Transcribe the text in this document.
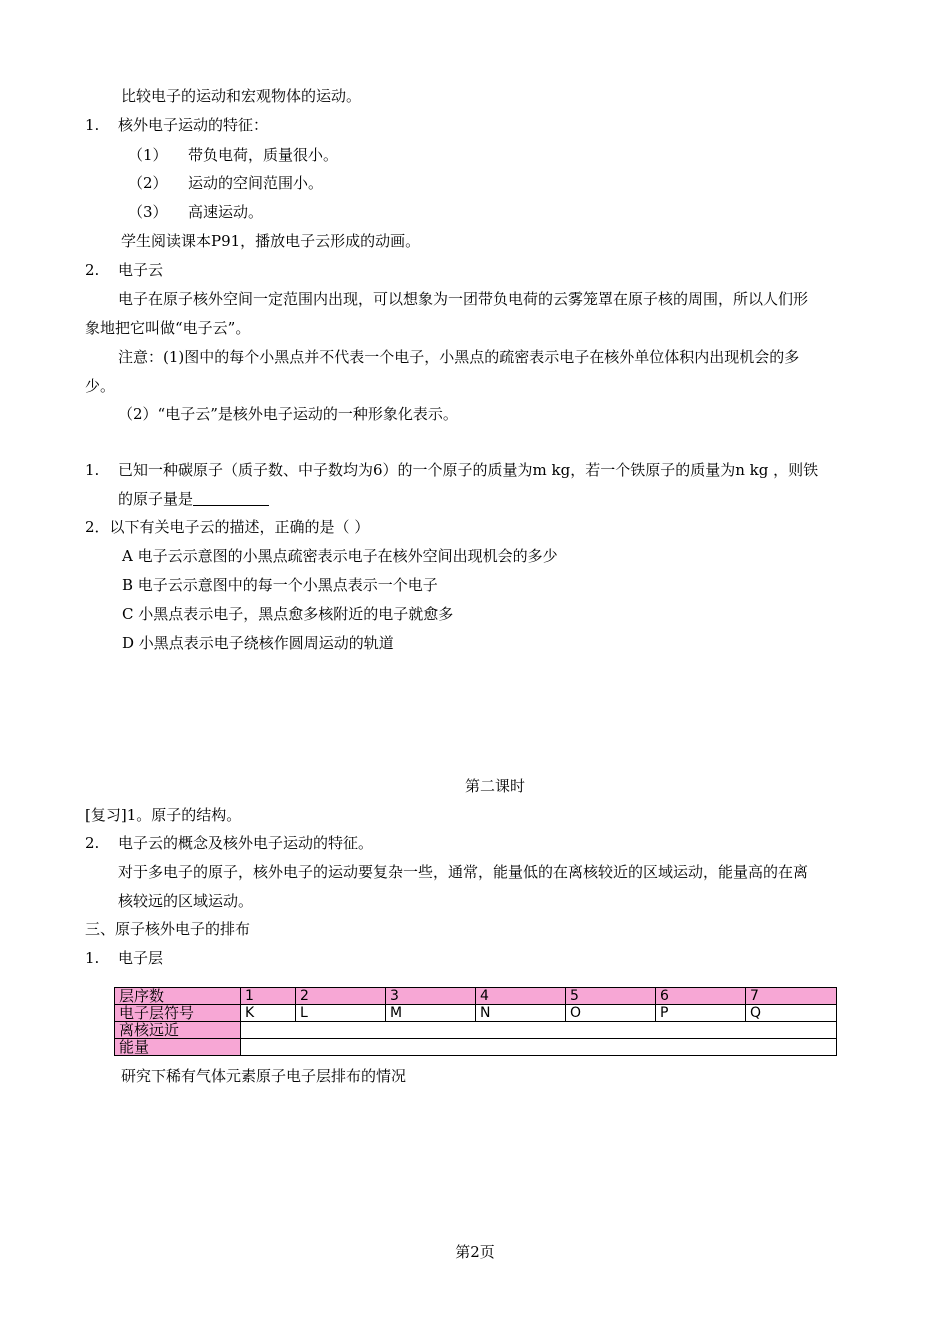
比较电子的运动和宏观物体的运动。
1. 核外电子运动的特征：
（1） 带负电荷，质量很小。
（2） 运动的空间范围小。
（3） 高速运动。
学生阅读课本P91，播放电子云形成的动画。
2. 电子云
电子在原子核外空间一定范围内出现，可以想象为一团带负电荷的云雾笼罩在原子核的周围，所以人们形
象地把它叫做“电子云”。
注意：(1)图中的每个小黑点并不代表一个电子，小黑点的疏密表示电子在核外单位体积内出现机会的多
少。
（2）“电子云”是核外电子运动的一种形象化表示。
1. 已知一种碳原子（质子数、中子数均为6）的一个原子的质量为m kg，若一个铁原子的质量为n kg ，则铁
的原子量是
2．以下有关电子云的描述，正确的是（ ）
A 电子云示意图的小黑点疏密表示电子在核外空间出现机会的多少
B 电子云示意图中的每一个小黑点表示一个电子
C 小黑点表示电子，黑点愈多核附近的电子就愈多
D 小黑点表示电子绕核作圆周运动的轨道
第二课时
[复习]1。原子的结构。
2. 电子云的概念及核外电子运动的特征。
对于多电子的原子，核外电子的运动要复杂一些，通常，能量低的在离核较近的区域运动，能量高的在离
核较远的区域运动。
三、原子核外电子的排布
1. 电子层
层序数	1	2	3	4	5	6	7
电子层符号	K	L	M	N	O	P	Q
离核远近							
能量							
研究下稀有气体元素原子电子层排布的情况
第2页
